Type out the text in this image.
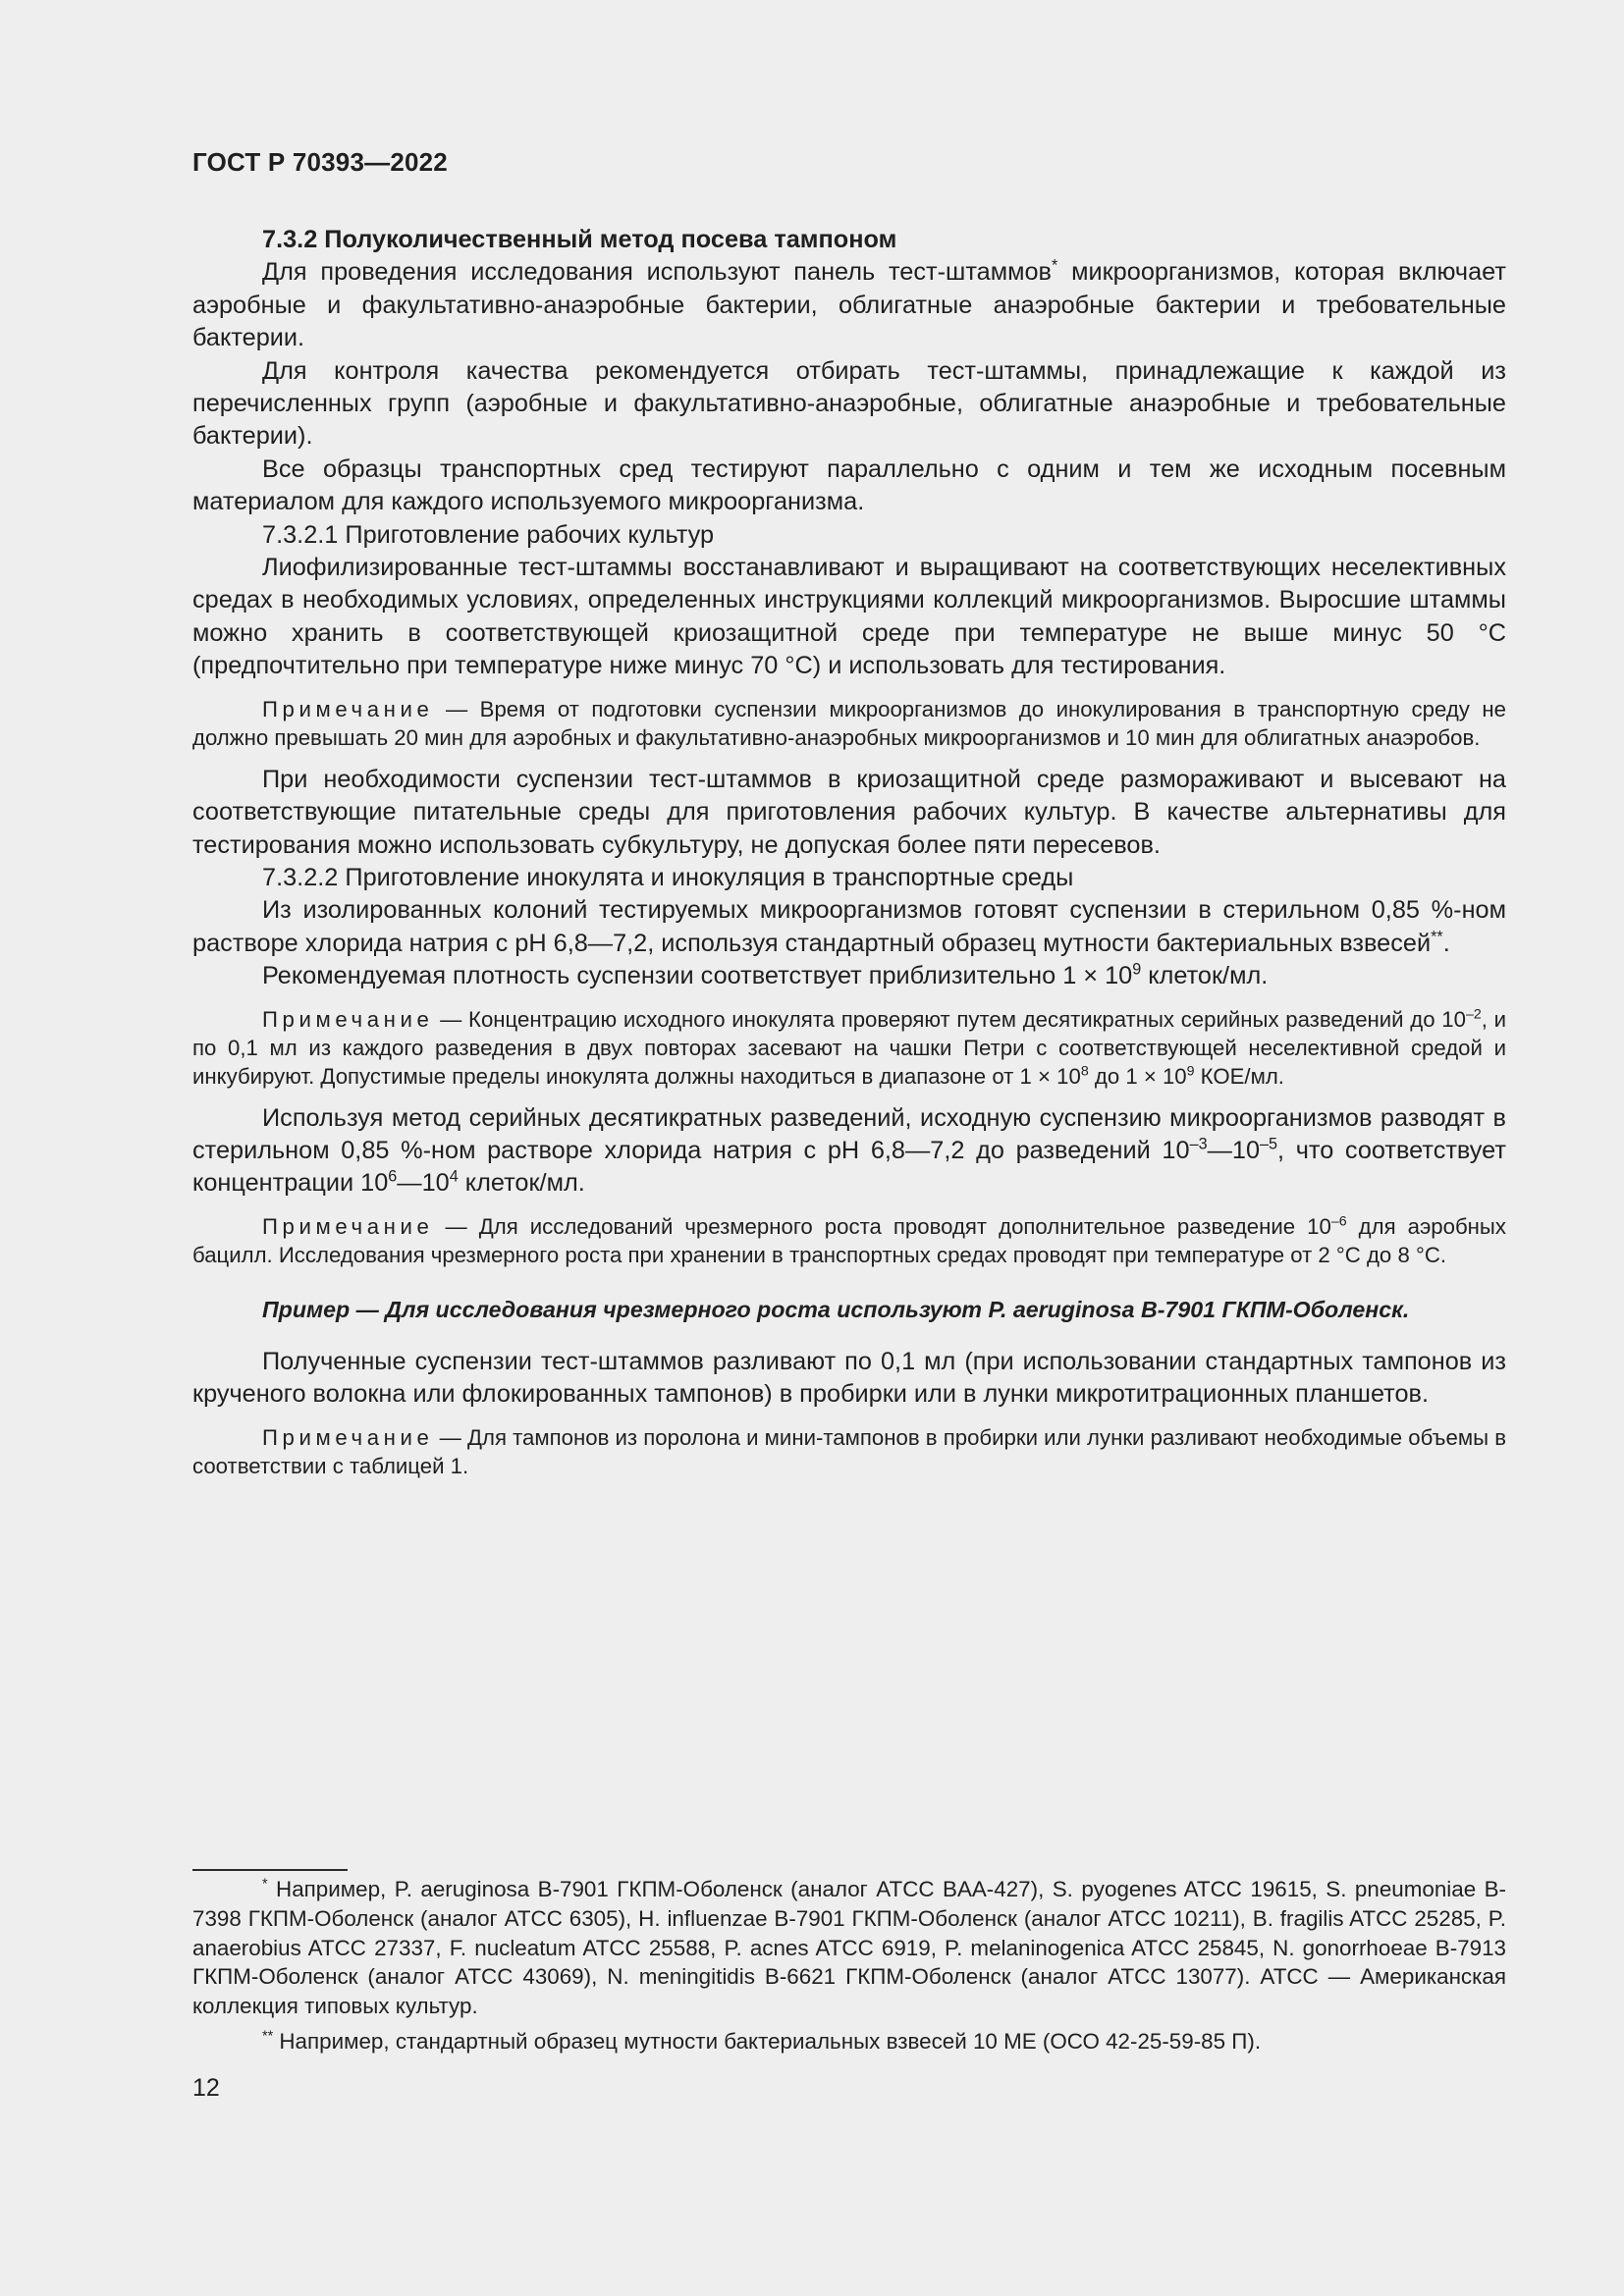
ГОСТ Р 70393—2022

7.3.2 Полуколичественный метод посева тампоном

Для проведения исследования используют панель тест-штаммов* микроорганизмов, которая включает аэробные и факультативно-анаэробные бактерии, облигатные анаэробные бактерии и требовательные бактерии.

Для контроля качества рекомендуется отбирать тест-штаммы, принадлежащие к каждой из перечисленных групп (аэробные и факультативно-анаэробные, облигатные анаэробные и требовательные бактерии).

Все образцы транспортных сред тестируют параллельно с одним и тем же исходным посевным материалом для каждого используемого микроорганизма.

7.3.2.1 Приготовление рабочих культур

Лиофилизированные тест-штаммы восстанавливают и выращивают на соответствующих неселективных средах в необходимых условиях, определенных инструкциями коллекций микроорганизмов. Выросшие штаммы можно хранить в соответствующей криозащитной среде при температуре не выше минус 50 °С (предпочтительно при температуре ниже минус 70 °С) и использовать для тестирования.

Примечание — Время от подготовки суспензии микроорганизмов до инокулирования в транспортную среду не должно превышать 20 мин для аэробных и факультативно-анаэробных микроорганизмов и 10 мин для облигатных анаэробов.

При необходимости суспензии тест-штаммов в криозащитной среде размораживают и высевают на соответствующие питательные среды для приготовления рабочих культур. В качестве альтернативы для тестирования можно использовать субкультуру, не допуская более пяти пересевов.

7.3.2.2 Приготовление инокулята и инокуляция в транспортные среды

Из изолированных колоний тестируемых микроорганизмов готовят суспензии в стерильном 0,85 %-ном растворе хлорида натрия с рН 6,8—7,2, используя стандартный образец мутности бактериальных взвесей**.

Рекомендуемая плотность суспензии соответствует приблизительно $1 \times 10^9$ клеток/мл.

Примечание — Концентрацию исходного инокулята проверяют путем десятикратных серийных разведений до $10^{-2}$, и по 0,1 мл из каждого разведения в двух повторах засевают на чашки Петри с соответствующей неселективной средой и инкубируют. Допустимые пределы инокулята должны находиться в диапазоне от $1 \times 10^8$ до $1 \times 10^9$ КОЕ/мл.

Используя метод серийных десятикратных разведений, исходную суспензию микроорганизмов разводят в стерильном 0,85 %-ном растворе хлорида натрия с рН 6,8—7,2 до разведений $10^{-3}—10^{-5}$, что соответствует концентрации $10^6—10^4$ клеток/мл.

Примечание — Для исследований чрезмерного роста проводят дополнительное разведение $10^{-6}$ для аэробных бацилл. Исследования чрезмерного роста при хранении в транспортных средах проводят при температуре от 2 °С до 8 °С.

Пример — Для исследования чрезмерного роста используют P. aeruginosa B-7901 ГКПМ-Оболенск.

Полученные суспензии тест-штаммов разливают по 0,1 мл (при использовании стандартных тампонов из крученого волокна или флокированных тампонов) в пробирки или в лунки микротитрационных планшетов.

Примечание — Для тампонов из поролона и мини-тампонов в пробирки или лунки разливают необходимые объемы в соответствии с таблицей 1.

* Например, P. aeruginosa B-7901 ГКПМ-Оболенск (аналог ATCC BAA-427), S. pyogenes ATCC 19615, S. pneumoniae B-7398 ГКПМ-Оболенск (аналог ATCC 6305), H. influenzae B-7901 ГКПМ-Оболенск (аналог ATCC 10211), B. fragilis ATCC 25285, P. anaerobius ATCC 27337, F. nucleatum ATCC 25588, P. acnes ATCC 6919, P. melaninogenica ATCC 25845, N. gonorrhoeae B-7913 ГКПМ-Оболенск (аналог ATCC 43069), N. meningitidis B-6621 ГКПМ-Оболенск (аналог ATCC 13077). ATCC — Американская коллекция типовых культур.

** Например, стандартный образец мутности бактериальных взвесей 10 МЕ (ОСО 42-25-59-85 П).

12
